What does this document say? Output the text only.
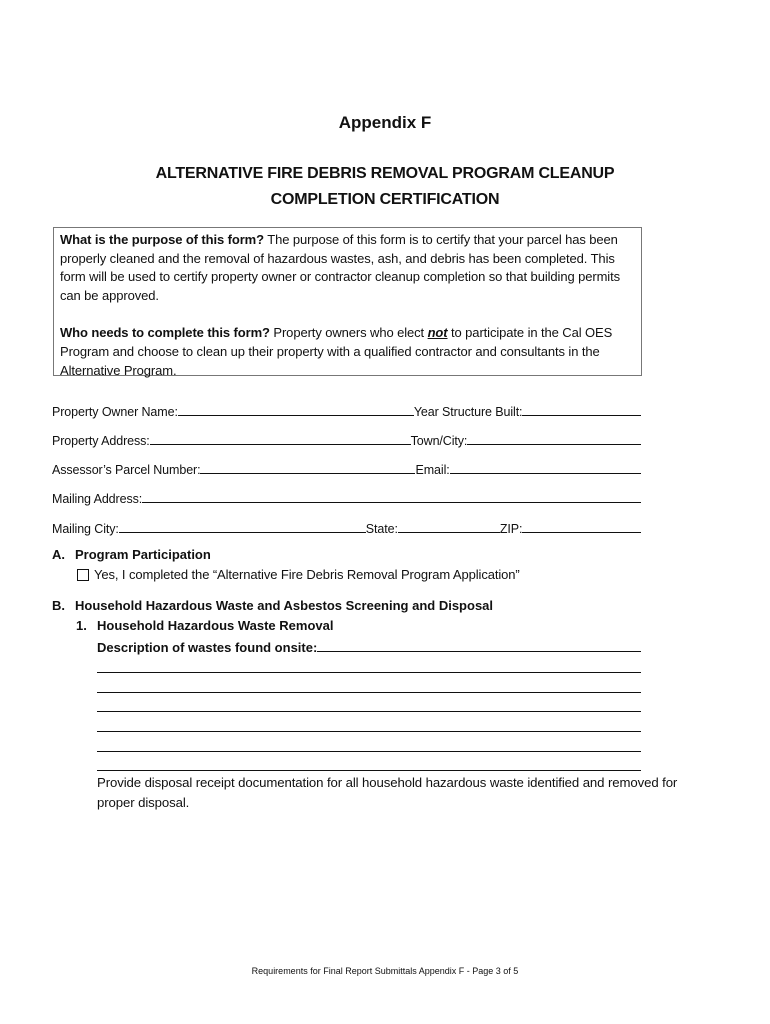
Appendix F
ALTERNATIVE FIRE DEBRIS REMOVAL PROGRAM CLEANUP COMPLETION CERTIFICATION

What is the purpose of this form? The purpose of this form is to certify that your parcel has been properly cleaned and the removal of hazardous wastes, ash, and debris has been completed. This form will be used to certify property owner or contractor cleanup completion so that building permits can be approved.

Who needs to complete this form? Property owners who elect not to participate in the Cal OES Program and choose to clean up their property with a qualified contractor and consultants in the Alternative Program.

Property Owner Name:	Year Structure Built:
Property Address:	Town/City:
Assessor’s Parcel Number:	Email:
Mailing Address:
Mailing City:	State:	ZIP:
A. Program Participation
Yes, I completed the “Alternative Fire Debris Removal Program Application”
B. Household Hazardous Waste and Asbestos Screening and Disposal
1. Household Hazardous Waste Removal
Description of wastes found onsite:
Provide disposal receipt documentation for all household hazardous waste identified and removed for proper disposal.
Requirements for Final Report Submittals Appendix F - Page 3 of 5
